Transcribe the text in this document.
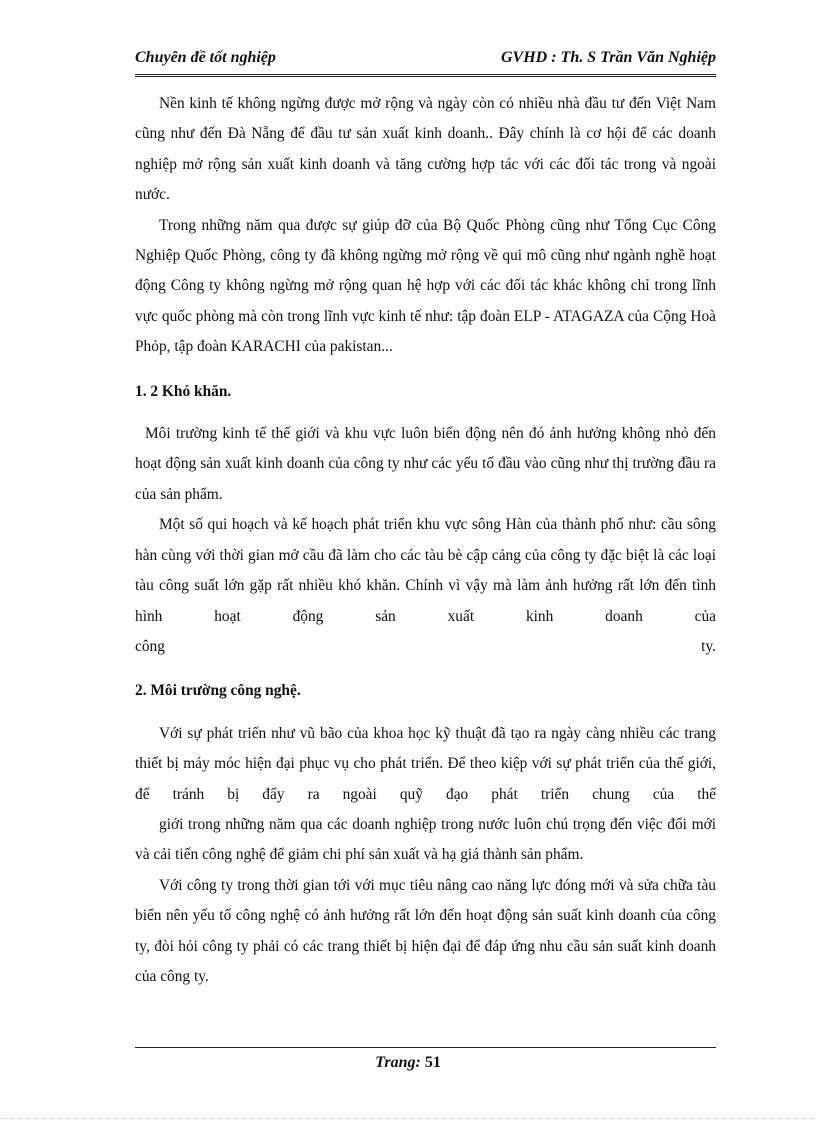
Chuyên đề tốt nghiệp	GVHD : Th. S Trần Văn Nghiệp

Nền kinh tế không ngừng được mở rộng và ngày còn có nhiều nhà đầu tư đến Việt Nam cũng như đến Đà Nẵng để đầu tư sản xuất kinh doanh.. Đây chính là cơ hội để các doanh nghiệp mở rộng sản xuất kinh doanh và tăng cường hợp tác với các đối tác trong và ngoài nước.

Trong những năm qua được sự giúp đỡ của Bộ Quốc Phòng cũng như Tổng Cục Công Nghiệp Quốc Phòng, công ty đã không ngừng mở rộng về qui mô cũng như ngành nghề hoạt động Công ty không ngừng mở rộng quan hệ hợp với các đối tác khác không chỉ trong lĩnh vực quốc phòng mà còn trong lĩnh vực kinh tế như: tập đoàn ELP - ATAGAZA của Cộng Hoà Phỏp, tập đoàn KARACHI của pakistan...

1. 2 Khó khăn.

Môi trường kinh tế thế giới và khu vực luôn biến động nên đó ảnh hưởng không nhỏ đến hoạt động sản xuất kinh doanh của công ty như các yếu tố đầu vào cũng như thị trường đầu ra của sản phẩm.

Một số qui hoạch và kế hoạch phát triển khu vực sông Hàn của thành phố như: cầu sông hàn cùng với thời gian mở cầu đã làm cho các tàu bè cập cảng của công ty đặc biệt là các loại tàu công suất lớn gặp rất nhiều khó khăn. Chính vì vậy mà làm ảnh hưởng rất lớn đến tình hình hoạt động sản xuất kinh doanh của

công	ty.

2. Môi trường công nghệ.

Với sự phát triển như vũ bão của khoa học kỹ thuật đã tạo ra ngày càng nhiều các trang thiết bị máy móc hiện đại phục vụ cho phát triển. Để theo kiệp với sự phát triển của thế giới, để tránh bị đẩy ra ngoài quỹ đạo phát triển chung của thế

giới trong những năm qua các doanh nghiệp trong nước luôn chú trọng đến việc đổi mới và cải tiến công nghệ để giảm chi phí sản xuất và hạ giá thành sản phẩm.

Với công ty trong thời gian tới với mục tiêu nâng cao năng lực đóng mới và sửa chữa tàu biển nên yếu tố công nghệ có ảnh hưởng rất lớn đến hoạt động sản suất kinh doanh của công ty, đòi hỏi công ty phải có các trang thiết bị hiện đại để đáp ứng nhu cầu sản suất kinh doanh của công ty.

Trang: 51
